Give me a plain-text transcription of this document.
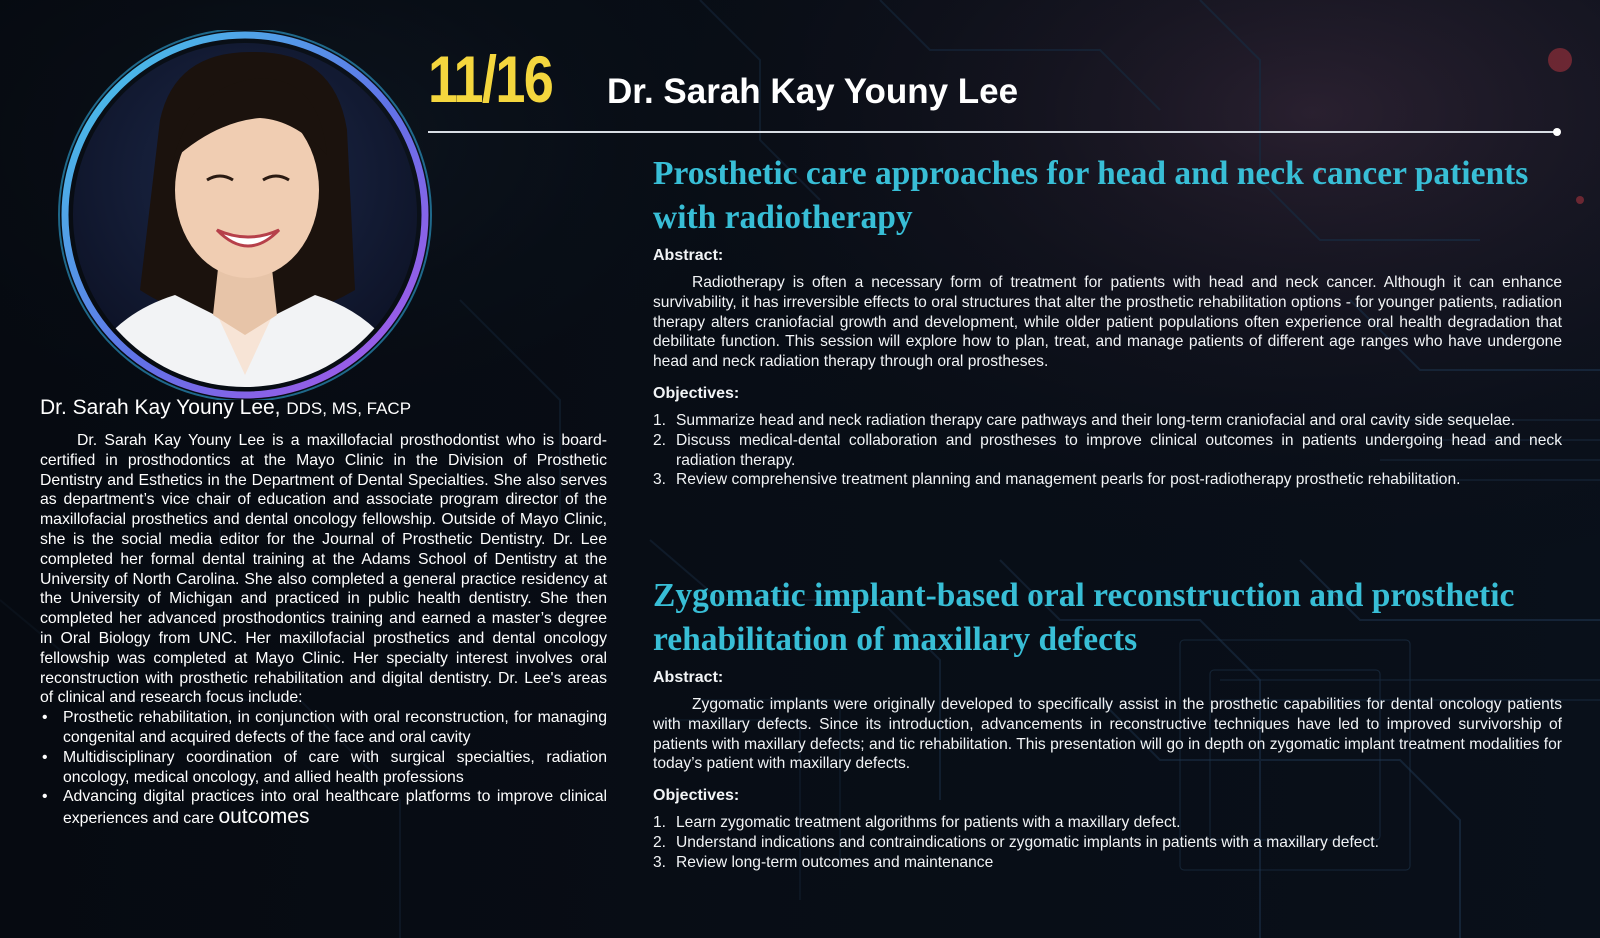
11/16 Dr. Sarah Kay Youny Lee
Dr. Sarah Kay Youny Lee, DDS, MS, FACP

Dr. Sarah Kay Youny Lee is a maxillofacial prosthodontist who is board-certified in prosthodontics at the Mayo Clinic in the Division of Prosthetic Dentistry and Esthetics in the Department of Dental Specialties. She also serves as department’s vice chair of education and associate program director of the maxillofacial prosthetics and dental oncology fellowship. Outside of Mayo Clinic, she is the social media editor for the Journal of Prosthetic Dentistry. Dr. Lee completed her formal dental training at the Adams School of Dentistry at the University of North Carolina. She also completed a general practice residency at the University of Michigan and practiced in public health dentistry. She then completed her advanced prosthodontics training and earned a master’s degree in Oral Biology from UNC. Her maxillofacial prosthetics and dental oncology fellowship was completed at Mayo Clinic. Her specialty interest involves oral reconstruction with prosthetic rehabilitation and digital dentistry. Dr. Lee's areas of clinical and research focus include:

• Prosthetic rehabilitation, in conjunction with oral reconstruction, for managing congenital and acquired defects of the face and oral cavity
• Multidisciplinary coordination of care with surgical specialties, radiation oncology, medical oncology, and allied health professions
• Advancing digital practices into oral healthcare platforms to improve clinical experiences and care outcomes
Prosthetic care approaches for head and neck cancer patients with radiotherapy

Abstract:

Radiotherapy is often a necessary form of treatment for patients with head and neck cancer. Although it can enhance survivability, it has irreversible effects to oral structures that alter the prosthetic rehabilitation options - for younger patients, radiation therapy alters craniofacial growth and development, while older patient populations often experience oral health degradation that debilitate function. This session will explore how to plan, treat, and manage patients of different age ranges who have undergone head and neck radiation therapy through oral prostheses.

Objectives:

1. Summarize head and neck radiation therapy care pathways and their long-term craniofacial and oral cavity side sequelae.
2. Discuss medical-dental collaboration and prostheses to improve clinical outcomes in patients undergoing head and neck radiation therapy.
3. Review comprehensive treatment planning and management pearls for post-radiotherapy prosthetic rehabilitation.
Zygomatic implant-based oral reconstruction and prosthetic rehabilitation of maxillary defects

Abstract:

Zygomatic implants were originally developed to specifically assist in the prosthetic capabilities for dental oncology patients with maxillary defects. Since its introduction, advancements in reconstructive techniques have led to improved survivorship of patients with maxillary defects; and tic rehabilitation. This presentation will go in depth on zygomatic implant treatment modalities for today’s patient with maxillary defects.

Objectives:

1. Learn zygomatic treatment algorithms for patients with a maxillary defect.
2. Understand indications and contraindications or zygomatic implants in patients with a maxillary defect.
3. Review long-term outcomes and maintenance
